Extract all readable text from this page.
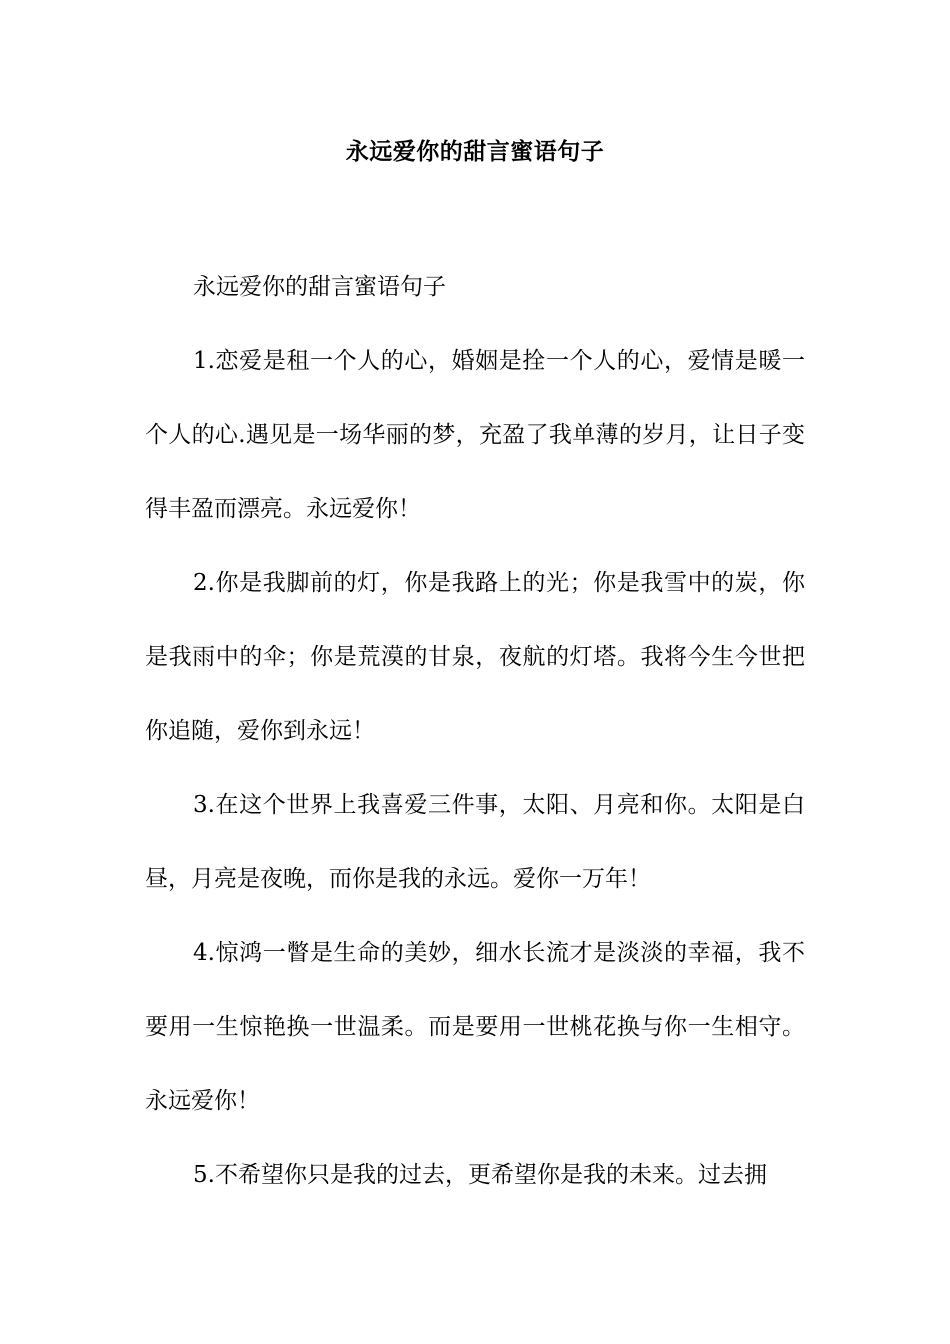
永远爱你的甜言蜜语句子

永远爱你的甜言蜜语句子

1.恋爱是租一个人的心，婚姻是拴一个人的心，爱情是暖一个人的心.遇见是一场华丽的梦，充盈了我单薄的岁月，让日子变得丰盈而漂亮。永远爱你！

2.你是我脚前的灯，你是我路上的光；你是我雪中的炭，你是我雨中的伞；你是荒漠的甘泉，夜航的灯塔。我将今生今世把你追随，爱你到永远！

3.在这个世界上我喜爱三件事，太阳、月亮和你。太阳是白昼，月亮是夜晚，而你是我的永远。爱你一万年！

4.惊鸿一瞥是生命的美妙，细水长流才是淡淡的幸福，我不要用一生惊艳换一世温柔。而是要用一世桃花换与你一生相守。永远爱你！

5.不希望你只是我的过去，更希望你是我的未来。过去拥
